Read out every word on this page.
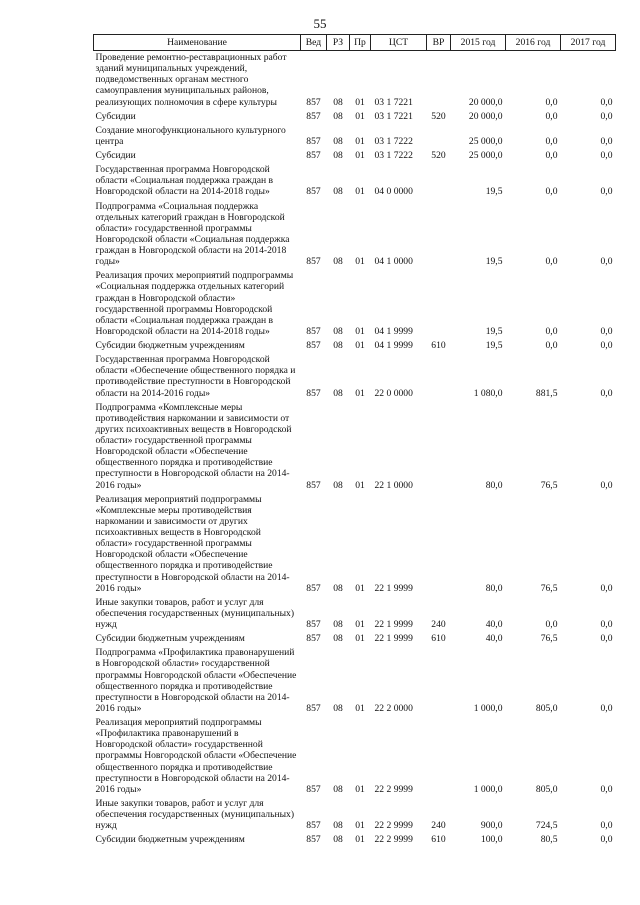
55
Наименование	Вед	РЗ	Пр	ЦСТ	ВР	2015 год	2016 год	2017 год
Проведение ремонтно-реставрационных работ зданий муниципальных учреждений, подведомственных органам местного самоуправления муниципальных районов, реализующих полномочия в сфере культуры	857	08	01	03 1 7221		20 000,0	0,0	0,0
Субсидии	857	08	01	03 1 7221	520	20 000,0	0,0	0,0
Создание многофункционального культурного центра	857	08	01	03 1 7222		25 000,0	0,0	0,0
Субсидии	857	08	01	03 1 7222	520	25 000,0	0,0	0,0
Государственная программа Новгородской области «Социальная поддержка граждан в Новгородской области на 2014-2018 годы»	857	08	01	04 0 0000		19,5	0,0	0,0
Подпрограмма «Социальная поддержка отдельных категорий граждан в Новгородской области» государственной программы Новгородской области «Социальная поддержка граждан в Новгородской области на 2014-2018 годы»	857	08	01	04 1 0000		19,5	0,0	0,0
Реализация прочих мероприятий подпрограммы «Социальная поддержка отдельных категорий граждан в Новгородской области» государственной программы Новгородской области «Социальная поддержка граждан в Новгородской области на 2014-2018 годы»	857	08	01	04 1 9999		19,5	0,0	0,0
Субсидии бюджетным учреждениям	857	08	01	04 1 9999	610	19,5	0,0	0,0
Государственная программа Новгородской области «Обеспечение общественного порядка и противодействие преступности в Новгородской области на 2014-2016 годы»	857	08	01	22 0 0000		1 080,0	881,5	0,0
Подпрограмма «Комплексные меры противодействия наркомании и зависимости от других психоактивных веществ в Новгородской области» государственной программы Новгородской области «Обеспечение общественного порядка и противодействие преступности в Новгородской области на 2014-2016 годы»	857	08	01	22 1 0000		80,0	76,5	0,0
Реализация мероприятий подпрограммы «Комплексные меры противодействия наркомании и зависимости от других психоактивных веществ в Новгородской области» государственной программы Новгородской области «Обеспечение общественного порядка и противодействие преступности в Новгородской области на 2014-2016 годы»	857	08	01	22 1 9999		80,0	76,5	0,0
Иные закупки товаров, работ и услуг для обеспечения государственных (муниципальных) нужд	857	08	01	22 1 9999	240	40,0	0,0	0,0
Субсидии бюджетным учреждениям	857	08	01	22 1 9999	610	40,0	76,5	0,0
Подпрограмма «Профилактика правонарушений в Новгородской области» государственной программы Новгородской области «Обеспечение общественного порядка и противодействие преступности в Новгородской области на 2014-2016 годы»	857	08	01	22 2 0000		1 000,0	805,0	0,0
Реализация мероприятий подпрограммы «Профилактика правонарушений в Новгородской области» государственной программы Новгородской области «Обеспечение общественного порядка и противодействие преступности в Новгородской области на 2014-2016 годы»	857	08	01	22 2 9999		1 000,0	805,0	0,0
Иные закупки товаров, работ и услуг для обеспечения государственных (муниципальных) нужд	857	08	01	22 2 9999	240	900,0	724,5	0,0
Субсидии бюджетным учреждениям	857	08	01	22 2 9999	610	100,0	80,5	0,0
